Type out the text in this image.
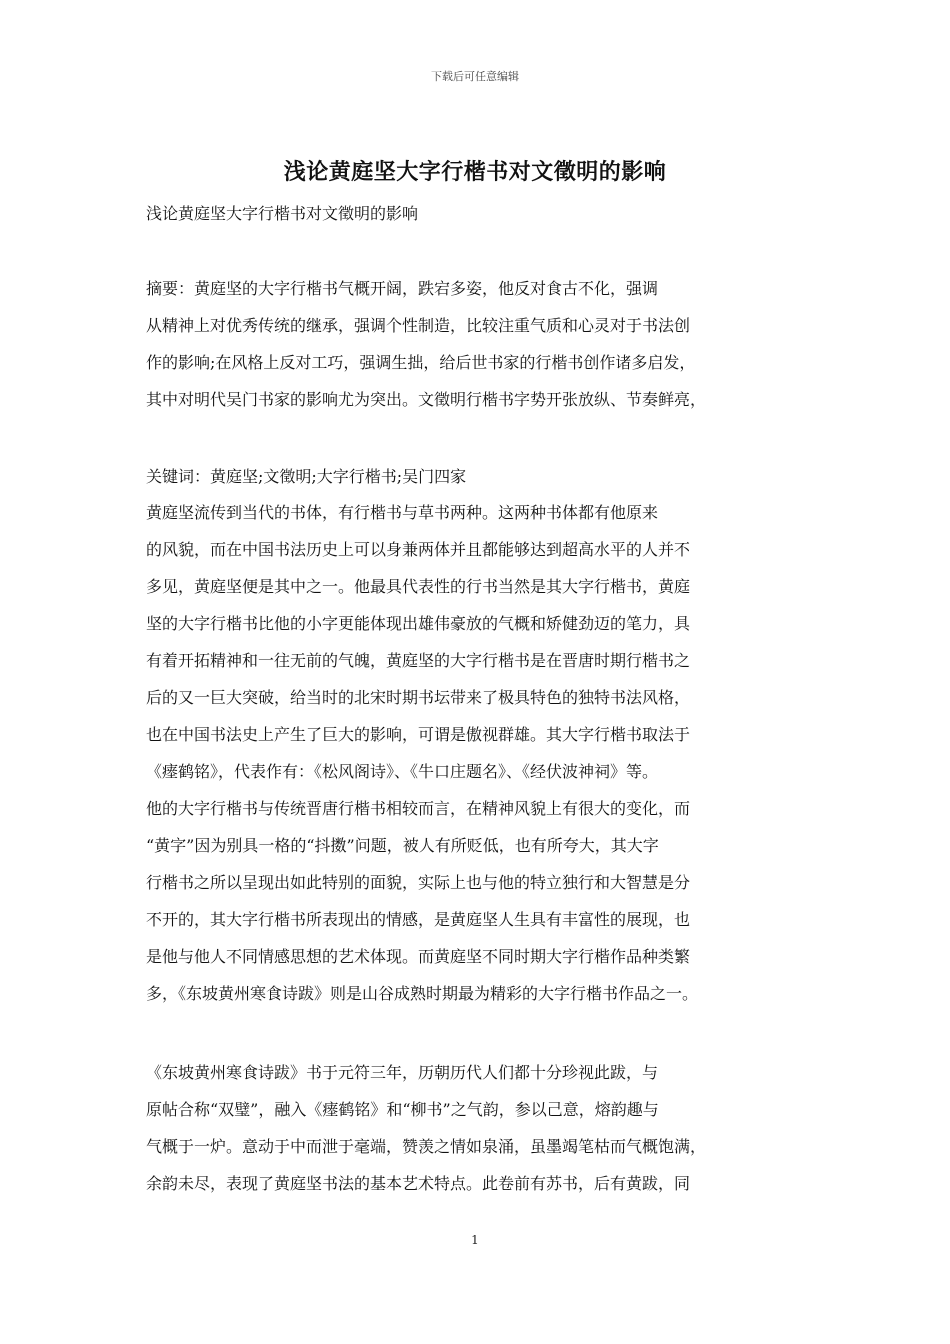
下载后可任意编辑
浅论黄庭坚大字行楷书对文徵明的影响
浅论黄庭坚大字行楷书对文徵明的影响
摘要：黄庭坚的大字行楷书气概开阔，跌宕多姿，他反对食古不化，强调
从精神上对优秀传统的继承，强调个性制造，比较注重气质和心灵对于书法创
作的影响;在风格上反对工巧，强调生拙，给后世书家的行楷书创作诸多启发，
其中对明代吴门书家的影响尤为突出。文徵明行楷书字势开张放纵、节奏鲜亮，
关键词：黄庭坚;文徵明;大字行楷书;吴门四家
黄庭坚流传到当代的书体，有行楷书与草书两种。这两种书体都有他原来
的风貌，而在中国书法历史上可以身兼两体并且都能够达到超高水平的人并不
多见，黄庭坚便是其中之一。他最具代表性的行书当然是其大字行楷书，黄庭
坚的大字行楷书比他的小字更能体现出雄伟豪放的气概和矫健劲迈的笔力，具
有着开拓精神和一往无前的气魄，黄庭坚的大字行楷书是在晋唐时期行楷书之
后的又一巨大突破，给当时的北宋时期书坛带来了极具特色的独特书法风格，
也在中国书法史上产生了巨大的影响，可谓是傲视群雄。其大字行楷书取法于
《瘗鹤铭》，代表作有：《松风阁诗》、《牛口庄题名》、《经伏波神祠》等。
他的大字行楷书与传统晋唐行楷书相较而言，在精神风貌上有很大的变化，而
“黄字”因为别具一格的“抖擞”问题，被人有所贬低，也有所夸大，其大字
行楷书之所以呈现出如此特别的面貌，实际上也与他的特立独行和大智慧是分
不开的，其大字行楷书所表现出的情感，是黄庭坚人生具有丰富性的展现，也
是他与他人不同情感思想的艺术体现。而黄庭坚不同时期大字行楷作品种类繁
多，《东坡黄州寒食诗跋》则是山谷成熟时期最为精彩的大字行楷书作品之一。
《东坡黄州寒食诗跋》书于元符三年，历朝历代人们都十分珍视此跋，与
原帖合称“双璧”，融入《瘗鹤铭》和“柳书”之气韵，参以己意，熔韵趣与
气概于一炉。意动于中而泄于毫端，赞羡之情如泉涌，虽墨竭笔枯而气概饱满，
余韵未尽，表现了黄庭坚书法的基本艺术特点。此卷前有苏书，后有黄跋，同
1
